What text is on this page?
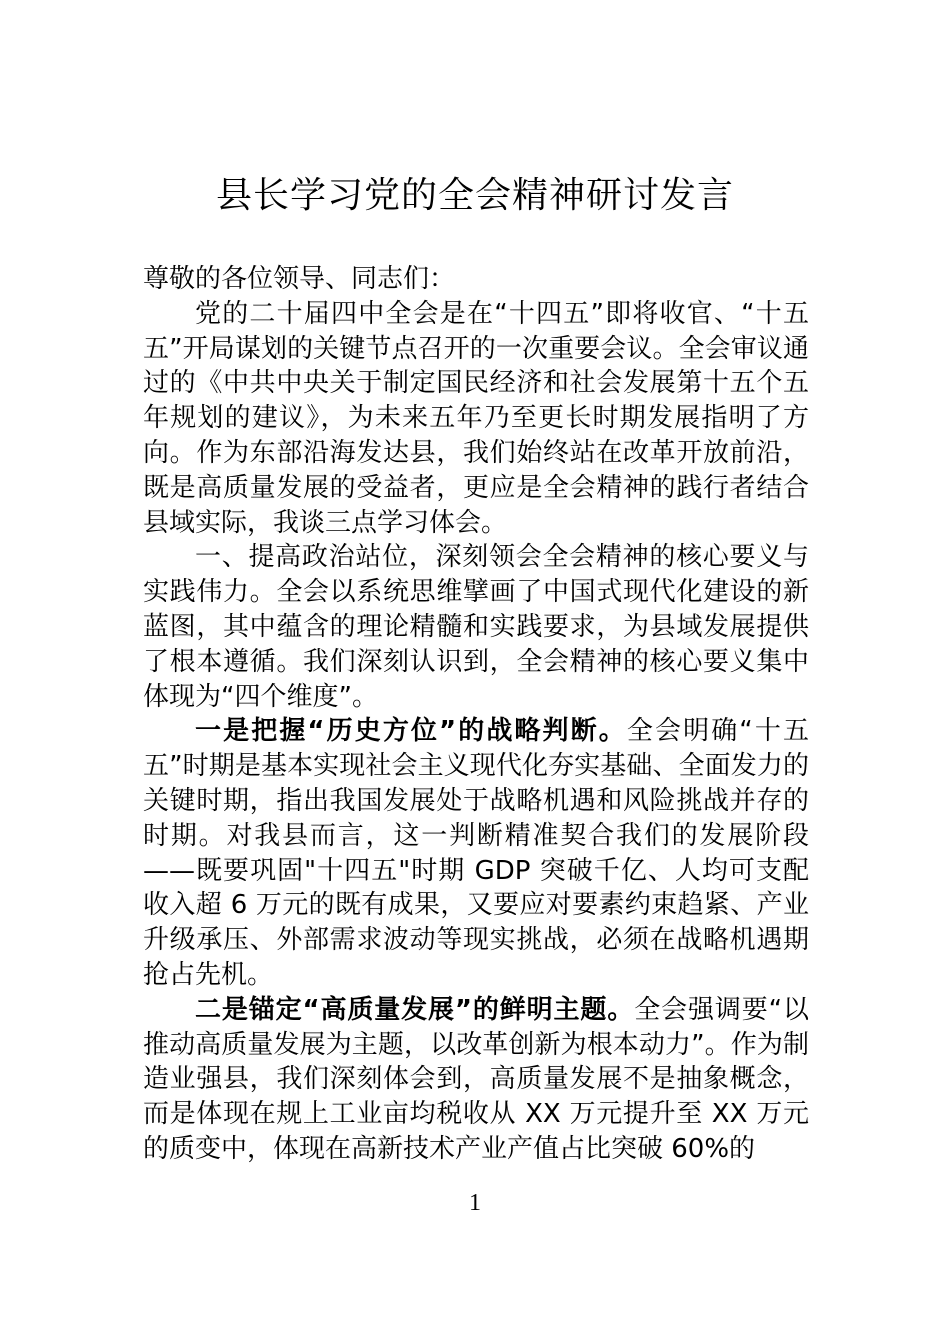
县长学习党的全会精神研讨发言

尊敬的各位领导、同志们：

党的二十届四中全会是在“十四五”即将收官、“十五五”开局谋划的关键节点召开的一次重要会议。全会审议通过的《中共中央关于制定国民经济和社会发展第十五个五年规划的建议》，为未来五年乃至更长时期发展指明了方向。作为东部沿海发达县，我们始终站在改革开放前沿，既是高质量发展的受益者，更应是全会精神的践行者结合县域实际，我谈三点学习体会。

一、提高政治站位，深刻领会全会精神的核心要义与实践伟力。全会以系统思维擘画了中国式现代化建设的新蓝图，其中蕴含的理论精髓和实践要求，为县域发展提供了根本遵循。我们深刻认识到，全会精神的核心要义集中体现为“四个维度”。

一是把握“历史方位”的战略判断。全会明确“十五五”时期是基本实现社会主义现代化夯实基础、全面发力的关键时期，指出我国发展处于战略机遇和风险挑战并存的时期。对我县而言，这一判断精准契合我们的发展阶段——既要巩固"十四五"时期 GDP 突破千亿、人均可支配收入超 6 万元的既有成果，又要应对要素约束趋紧、产业升级承压、外部需求波动等现实挑战，必须在战略机遇期抢占先机。

二是锚定“高质量发展”的鲜明主题。全会强调要“以推动高质量发展为主题，以改革创新为根本动力”。作为制造业强县，我们深刻体会到，高质量发展不是抽象概念，而是体现在规上工业亩均税收从 XX 万元提升至 XX 万元的质变中，体现在高新技术产业产值占比突破 60%的

1
